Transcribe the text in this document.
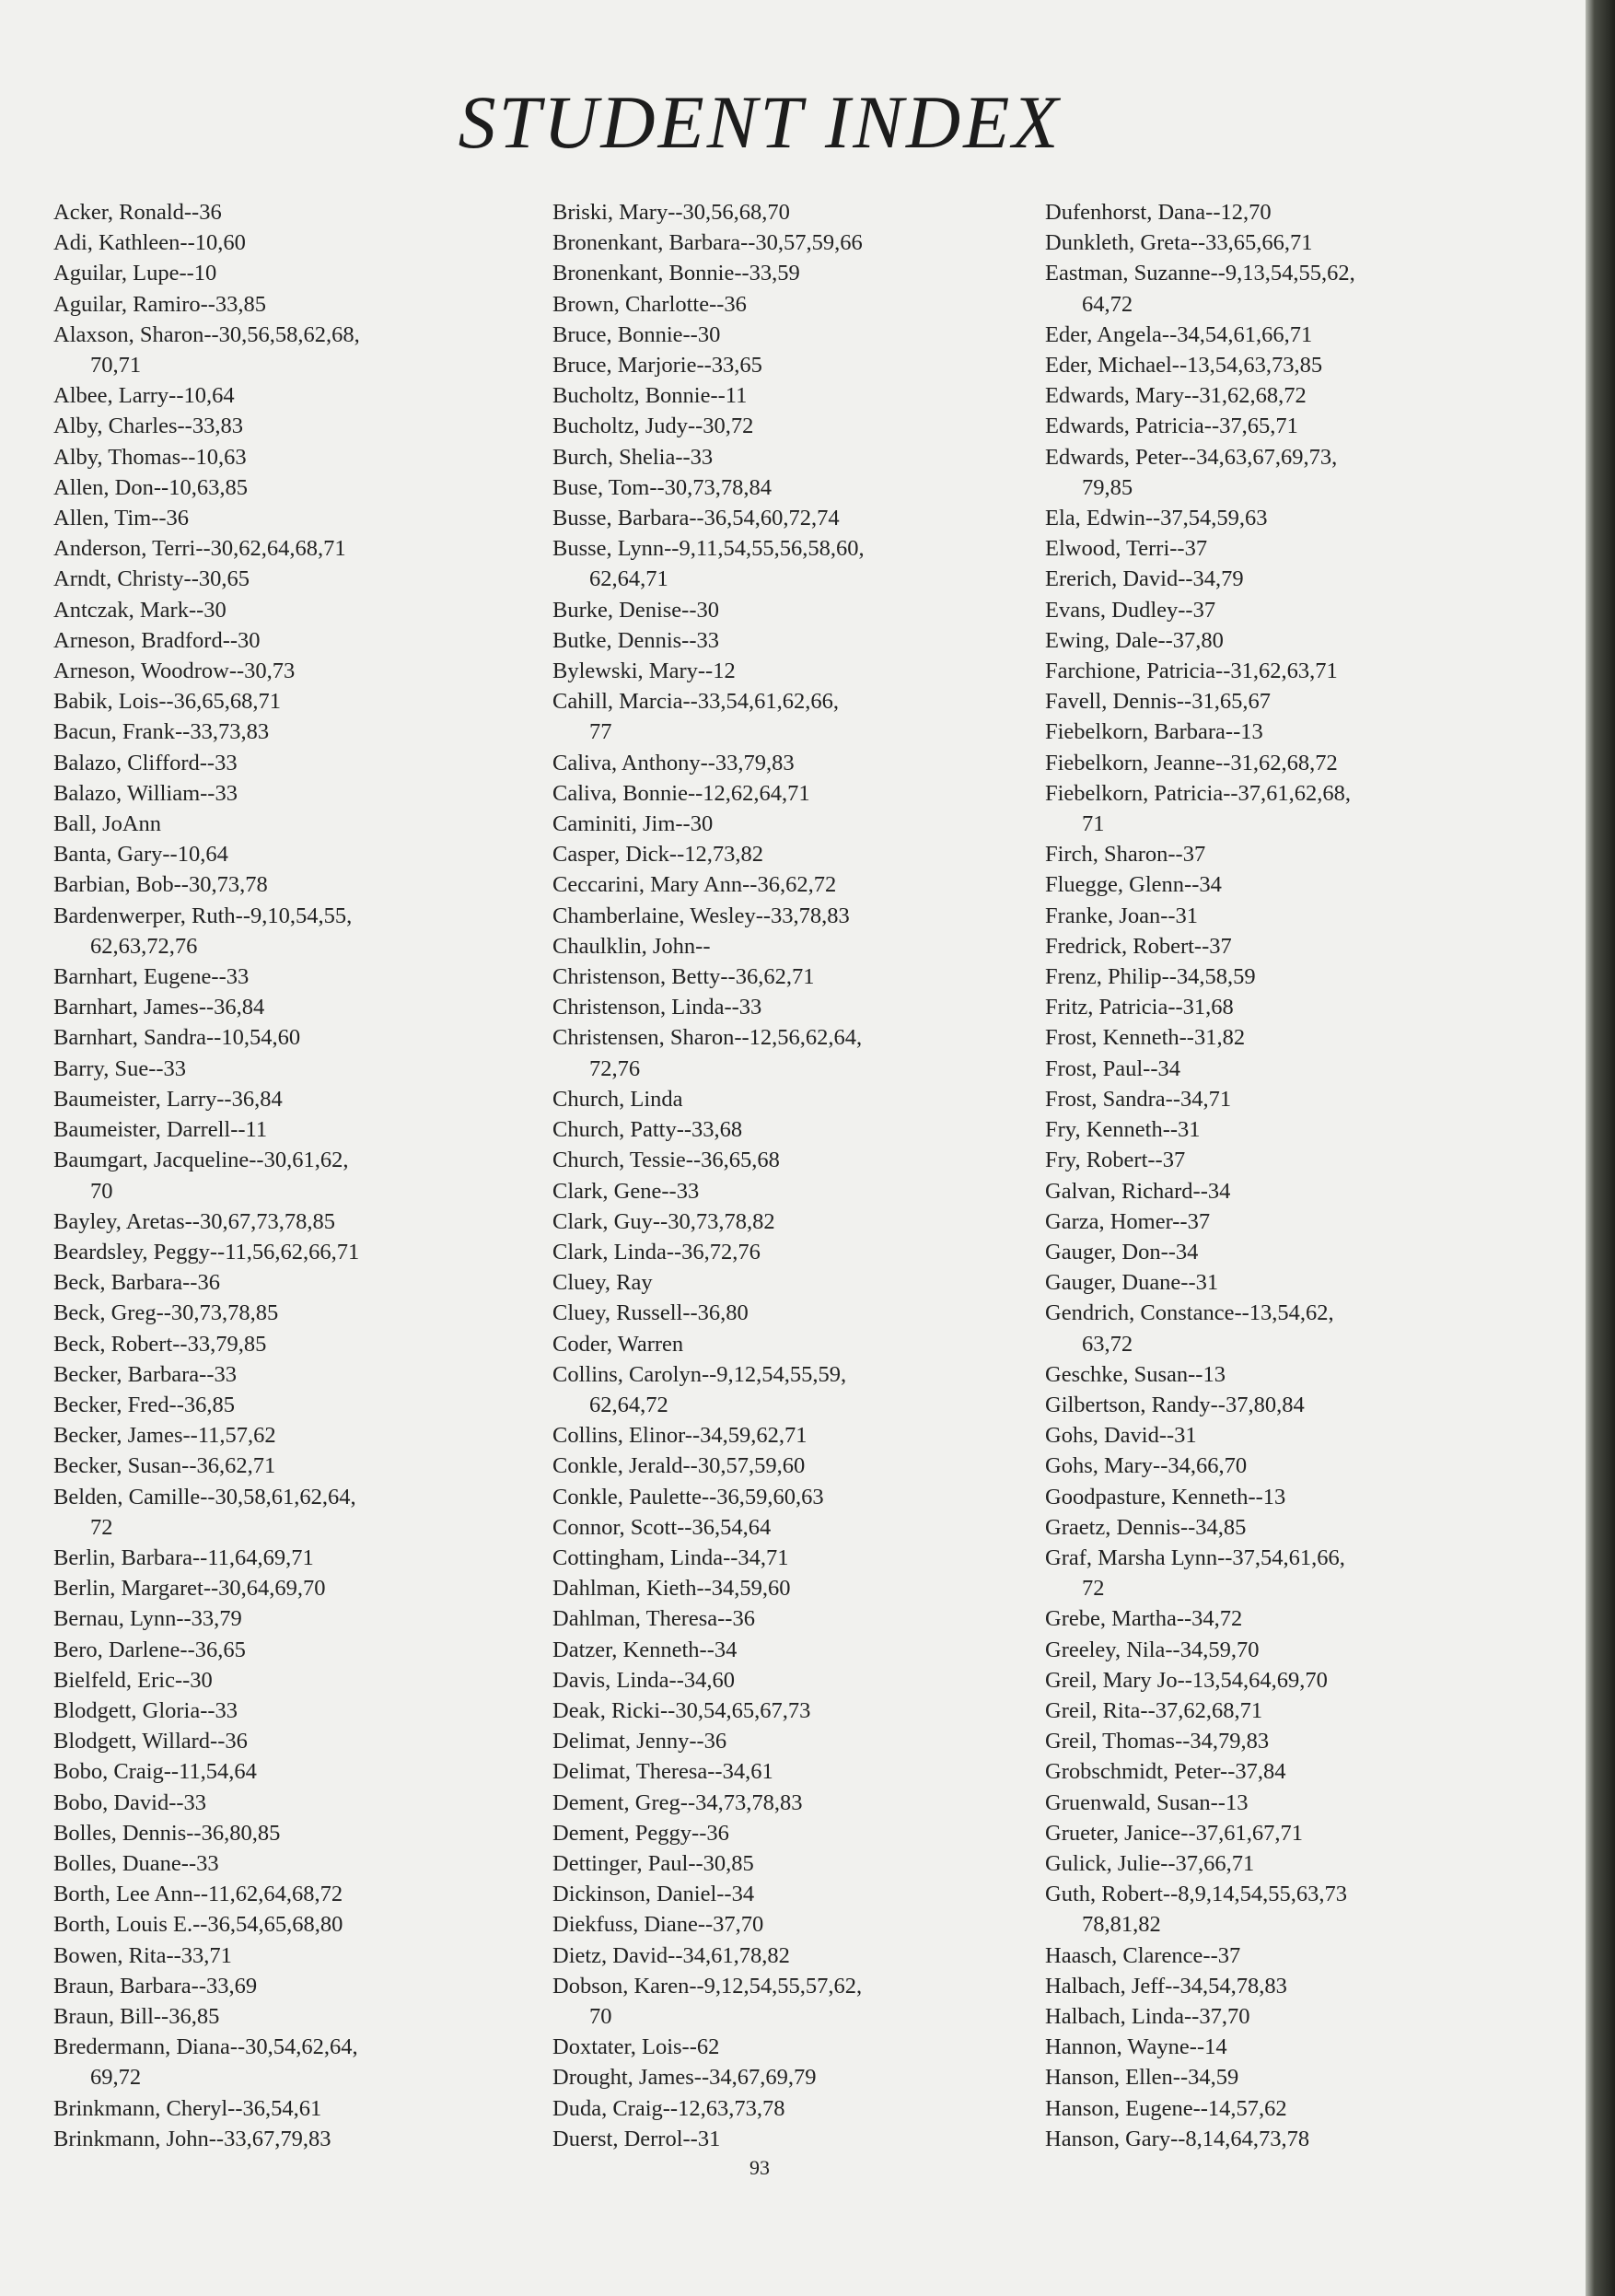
STUDENT INDEX
Acker, Ronald--36
Adi, Kathleen--10,60
Aguilar, Lupe--10
Aguilar, Ramiro--33,85
Alaxson, Sharon--30,56,58,62,68,
70,71
Albee, Larry--10,64
Alby, Charles--33,83
Alby, Thomas--10,63
Allen, Don--10,63,85
Allen, Tim--36
Anderson, Terri--30,62,64,68,71
Arndt, Christy--30,65
Antczak, Mark--30
Arneson, Bradford--30
Arneson, Woodrow--30,73
Babik, Lois--36,65,68,71
Bacun, Frank--33,73,83
Balazo, Clifford--33
Balazo, William--33
Ball, JoAnn
Banta, Gary--10,64
Barbian, Bob--30,73,78
Bardenwerper, Ruth--9,10,54,55,
62,63,72,76
Barnhart, Eugene--33
Barnhart, James--36,84
Barnhart, Sandra--10,54,60
Barry, Sue--33
Baumeister, Larry--36,84
Baumeister, Darrell--11
Baumgart, Jacqueline--30,61,62,
70
Bayley, Aretas--30,67,73,78,85
Beardsley, Peggy--11,56,62,66,71
Beck, Barbara--36
Beck, Greg--30,73,78,85
Beck, Robert--33,79,85
Becker, Barbara--33
Becker, Fred--36,85
Becker, James--11,57,62
Becker, Susan--36,62,71
Belden, Camille--30,58,61,62,64,
72
Berlin, Barbara--11,64,69,71
Berlin, Margaret--30,64,69,70
Bernau, Lynn--33,79
Bero, Darlene--36,65
Bielfeld, Eric--30
Blodgett, Gloria--33
Blodgett, Willard--36
Bobo, Craig--11,54,64
Bobo, David--33
Bolles, Dennis--36,80,85
Bolles, Duane--33
Borth, Lee Ann--11,62,64,68,72
Borth, Louis E.--36,54,65,68,80
Bowen, Rita--33,71
Braun, Barbara--33,69
Braun, Bill--36,85
Bredermann, Diana--30,54,62,64,
69,72
Brinkmann, Cheryl--36,54,61
Brinkmann, John--33,67,79,83
Briski, Mary--30,56,68,70
Bronenkant, Barbara--30,57,59,66
Bronenkant, Bonnie--33,59
Brown, Charlotte--36
Bruce, Bonnie--30
Bruce, Marjorie--33,65
Bucholtz, Bonnie--11
Bucholtz, Judy--30,72
Burch, Shelia--33
Buse, Tom--30,73,78,84
Busse, Barbara--36,54,60,72,74
Busse, Lynn--9,11,54,55,56,58,60,
62,64,71
Burke, Denise--30
Butke, Dennis--33
Bylewski, Mary--12
Cahill, Marcia--33,54,61,62,66,
77
Caliva, Anthony--33,79,83
Caliva, Bonnie--12,62,64,71
Caminiti, Jim--30
Casper, Dick--12,73,82
Ceccarini, Mary Ann--36,62,72
Chamberlaine, Wesley--33,78,83
Chaulklin, John--
Christenson, Betty--36,62,71
Christenson, Linda--33
Christensen, Sharon--12,56,62,64,
72,76
Church, Linda
Church, Patty--33,68
Church, Tessie--36,65,68
Clark, Gene--33
Clark, Guy--30,73,78,82
Clark, Linda--36,72,76
Cluey, Ray
Cluey, Russell--36,80
Coder, Warren
Collins, Carolyn--9,12,54,55,59,
62,64,72
Collins, Elinor--34,59,62,71
Conkle, Jerald--30,57,59,60
Conkle, Paulette--36,59,60,63
Connor, Scott--36,54,64
Cottingham, Linda--34,71
Dahlman, Kieth--34,59,60
Dahlman, Theresa--36
Datzer, Kenneth--34
Davis, Linda--34,60
Deak, Ricki--30,54,65,67,73
Delimat, Jenny--36
Delimat, Theresa--34,61
Dement, Greg--34,73,78,83
Dement, Peggy--36
Dettinger, Paul--30,85
Dickinson, Daniel--34
Diekfuss, Diane--37,70
Dietz, David--34,61,78,82
Dobson, Karen--9,12,54,55,57,62,
70
Doxtater, Lois--62
Drought, James--34,67,69,79
Duda, Craig--12,63,73,78
Duerst, Derrol--31
Dufenhorst, Dana--12,70
Dunkleth, Greta--33,65,66,71
Eastman, Suzanne--9,13,54,55,62,
64,72
Eder, Angela--34,54,61,66,71
Eder, Michael--13,54,63,73,85
Edwards, Mary--31,62,68,72
Edwards, Patricia--37,65,71
Edwards, Peter--34,63,67,69,73,
79,85
Ela, Edwin--37,54,59,63
Elwood, Terri--37
Ererich, David--34,79
Evans, Dudley--37
Ewing, Dale--37,80
Farchione, Patricia--31,62,63,71
Favell, Dennis--31,65,67
Fiebelkorn, Barbara--13
Fiebelkorn, Jeanne--31,62,68,72
Fiebelkorn, Patricia--37,61,62,68,
71
Firch, Sharon--37
Fluegge, Glenn--34
Franke, Joan--31
Fredrick, Robert--37
Frenz, Philip--34,58,59
Fritz, Patricia--31,68
Frost, Kenneth--31,82
Frost, Paul--34
Frost, Sandra--34,71
Fry, Kenneth--31
Fry, Robert--37
Galvan, Richard--34
Garza, Homer--37
Gauger, Don--34
Gauger, Duane--31
Gendrich, Constance--13,54,62,
63,72
Geschke, Susan--13
Gilbertson, Randy--37,80,84
Gohs, David--31
Gohs, Mary--34,66,70
Goodpasture, Kenneth--13
Graetz, Dennis--34,85
Graf, Marsha Lynn--37,54,61,66,
72
Grebe, Martha--34,72
Greeley, Nila--34,59,70
Greil, Mary Jo--13,54,64,69,70
Greil, Rita--37,62,68,71
Greil, Thomas--34,79,83
Grobschmidt, Peter--37,84
Gruenwald, Susan--13
Grueter, Janice--37,61,67,71
Gulick, Julie--37,66,71
Guth, Robert--8,9,14,54,55,63,73
78,81,82
Haasch, Clarence--37
Halbach, Jeff--34,54,78,83
Halbach, Linda--37,70
Hannon, Wayne--14
Hanson, Ellen--34,59
Hanson, Eugene--14,57,62
Hanson, Gary--8,14,64,73,78
93
